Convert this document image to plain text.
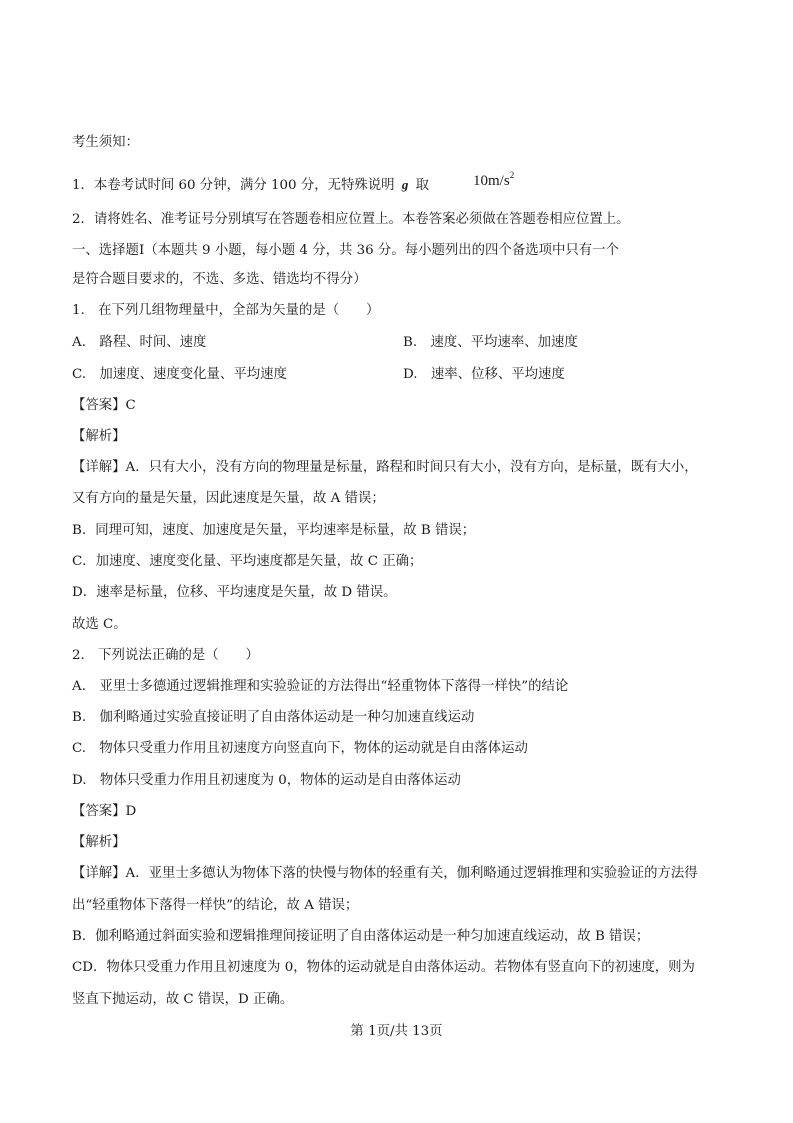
考生须知：
1．本卷考试时间 60 分钟，满分 100 分，无特殊说明 g 取	$10m/s^2$
2．请将姓名、准考证号分别填写在答题卷相应位置上。本卷答案必须做在答题卷相应位置上。
一、选择题Ⅰ（本题共 9 小题，每小题 4 分，共 36 分。每小题列出的四个备选项中只有一个
是符合题目要求的，不选、多选、错选均不得分）
1.　在下列几组物理量中，全部为矢量的是（　　）
A.　路程、时间、速度	B.　速度、平均速率、加速度
C.　加速度、速度变化量、平均速度	D.　速率、位移、平均速度
【答案】C
【解析】
【详解】A．只有大小，没有方向的物理量是标量，路程和时间只有大小，没有方向，是标量，既有大小，
又有方向的量是矢量，因此速度是矢量，故 A 错误；
B．同理可知，速度、加速度是矢量，平均速率是标量，故 B 错误；
C．加速度、速度变化量、平均速度都是矢量，故 C 正确；
D．速率是标量，位移、平均速度是矢量，故 D 错误。
故选 C。
2.　下列说法正确的是（　　）
A.　亚里士多德通过逻辑推理和实验验证的方法得出“轻重物体下落得一样快”的结论
B.　伽利略通过实验直接证明了自由落体运动是一种匀加速直线运动
C.　物体只受重力作用且初速度方向竖直向下，物体的运动就是自由落体运动
D.　物体只受重力作用且初速度为 0，物体的运动是自由落体运动
【答案】D
【解析】
【详解】A．亚里士多德认为物体下落的快慢与物体的轻重有关，伽利略通过逻辑推理和实验验证的方法得
出“轻重物体下落得一样快”的结论，故 A 错误；
B．伽利略通过斜面实验和逻辑推理间接证明了自由落体运动是一种匀加速直线运动，故 B 错误；
CD．物体只受重力作用且初速度为 0，物体的运动就是自由落体运动。若物体有竖直向下的初速度，则为
竖直下抛运动，故 C 错误，D 正确。
第 1页/共 13页
